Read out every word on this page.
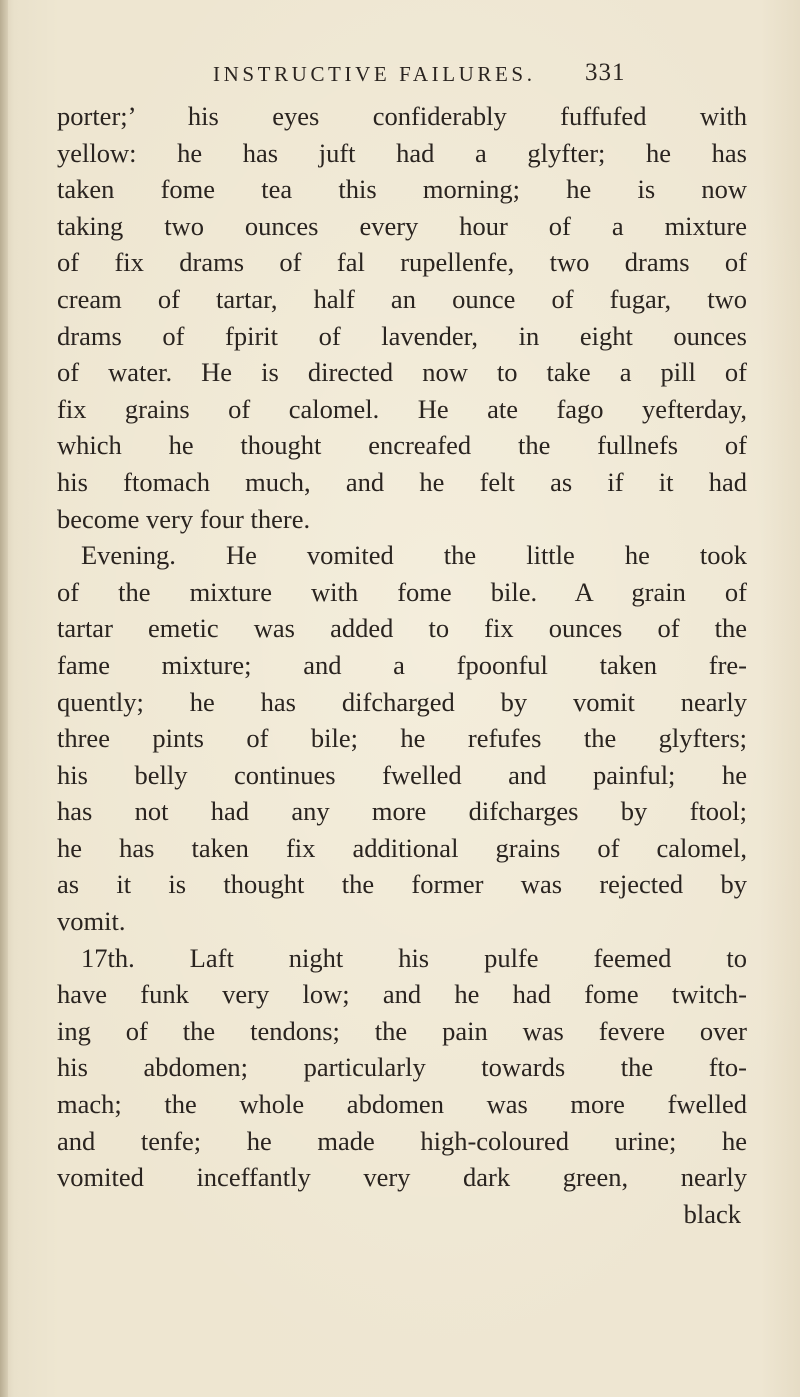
INSTRUCTIVE FAILURES. 331
porter;’ his eyes confiderably fuffufed with
yellow: he has juft had a glyfter; he has
taken fome tea this morning; he is now
taking two ounces every hour of a mixture
of fix drams of fal rupellenfe, two drams of
cream of tartar, half an ounce of fugar, two
drams of fpirit of lavender, in eight ounces
of water. He is directed now to take a pill of
fix grains of calomel. He ate fago yefterday,
which he thought encreafed the fullnefs of
his ftomach much, and he felt as if it had
become very four there.
Evening. He vomited the little he took
of the mixture with fome bile. A grain of
tartar emetic was added to fix ounces of the
fame mixture; and a fpoonful taken fre-
quently; he has difcharged by vomit nearly
three pints of bile; he refufes the glyfters;
his belly continues fwelled and painful; he
has not had any more difcharges by ftool;
he has taken fix additional grains of calomel,
as it is thought the former was rejected by
vomit.
17th. Laft night his pulfe feemed to
have funk very low; and he had fome twitch-
ing of the tendons; the pain was fevere over
his abdomen; particularly towards the fto-
mach; the whole abdomen was more fwelled
and tenfe; he made high-coloured urine; he
vomited inceffantly very dark green, nearly
black
